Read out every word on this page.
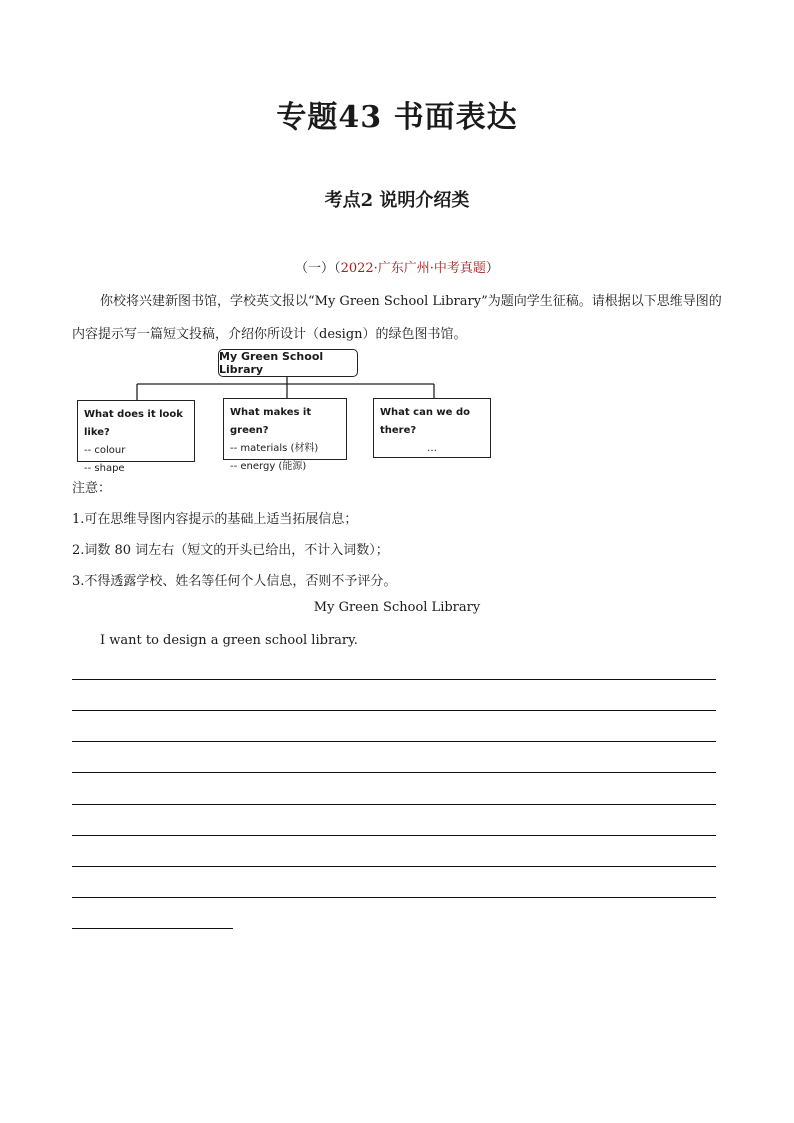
专题43 书面表达
考点2 说明介绍类
（一）（2022·广东广州·中考真题）
你校将兴建新图书馆，学校英文报以“My Green School Library”为题向学生征稿。请根据以下思维导图的内容提示写一篇短文投稿，介绍你所设计（design）的绿色图书馆。
My Green School Library
What does it look like?
-- colour
-- shape
What makes it green?
-- materials (材料)
-- energy (能源)
What can we do there?
…
注意：
1.可在思维导图内容提示的基础上适当拓展信息；
2.词数 80 词左右（短文的开头已给出，不计入词数）；
3.不得透露学校、姓名等任何个人信息，否则不予评分。
My Green School Library
I want to design a green school library.
